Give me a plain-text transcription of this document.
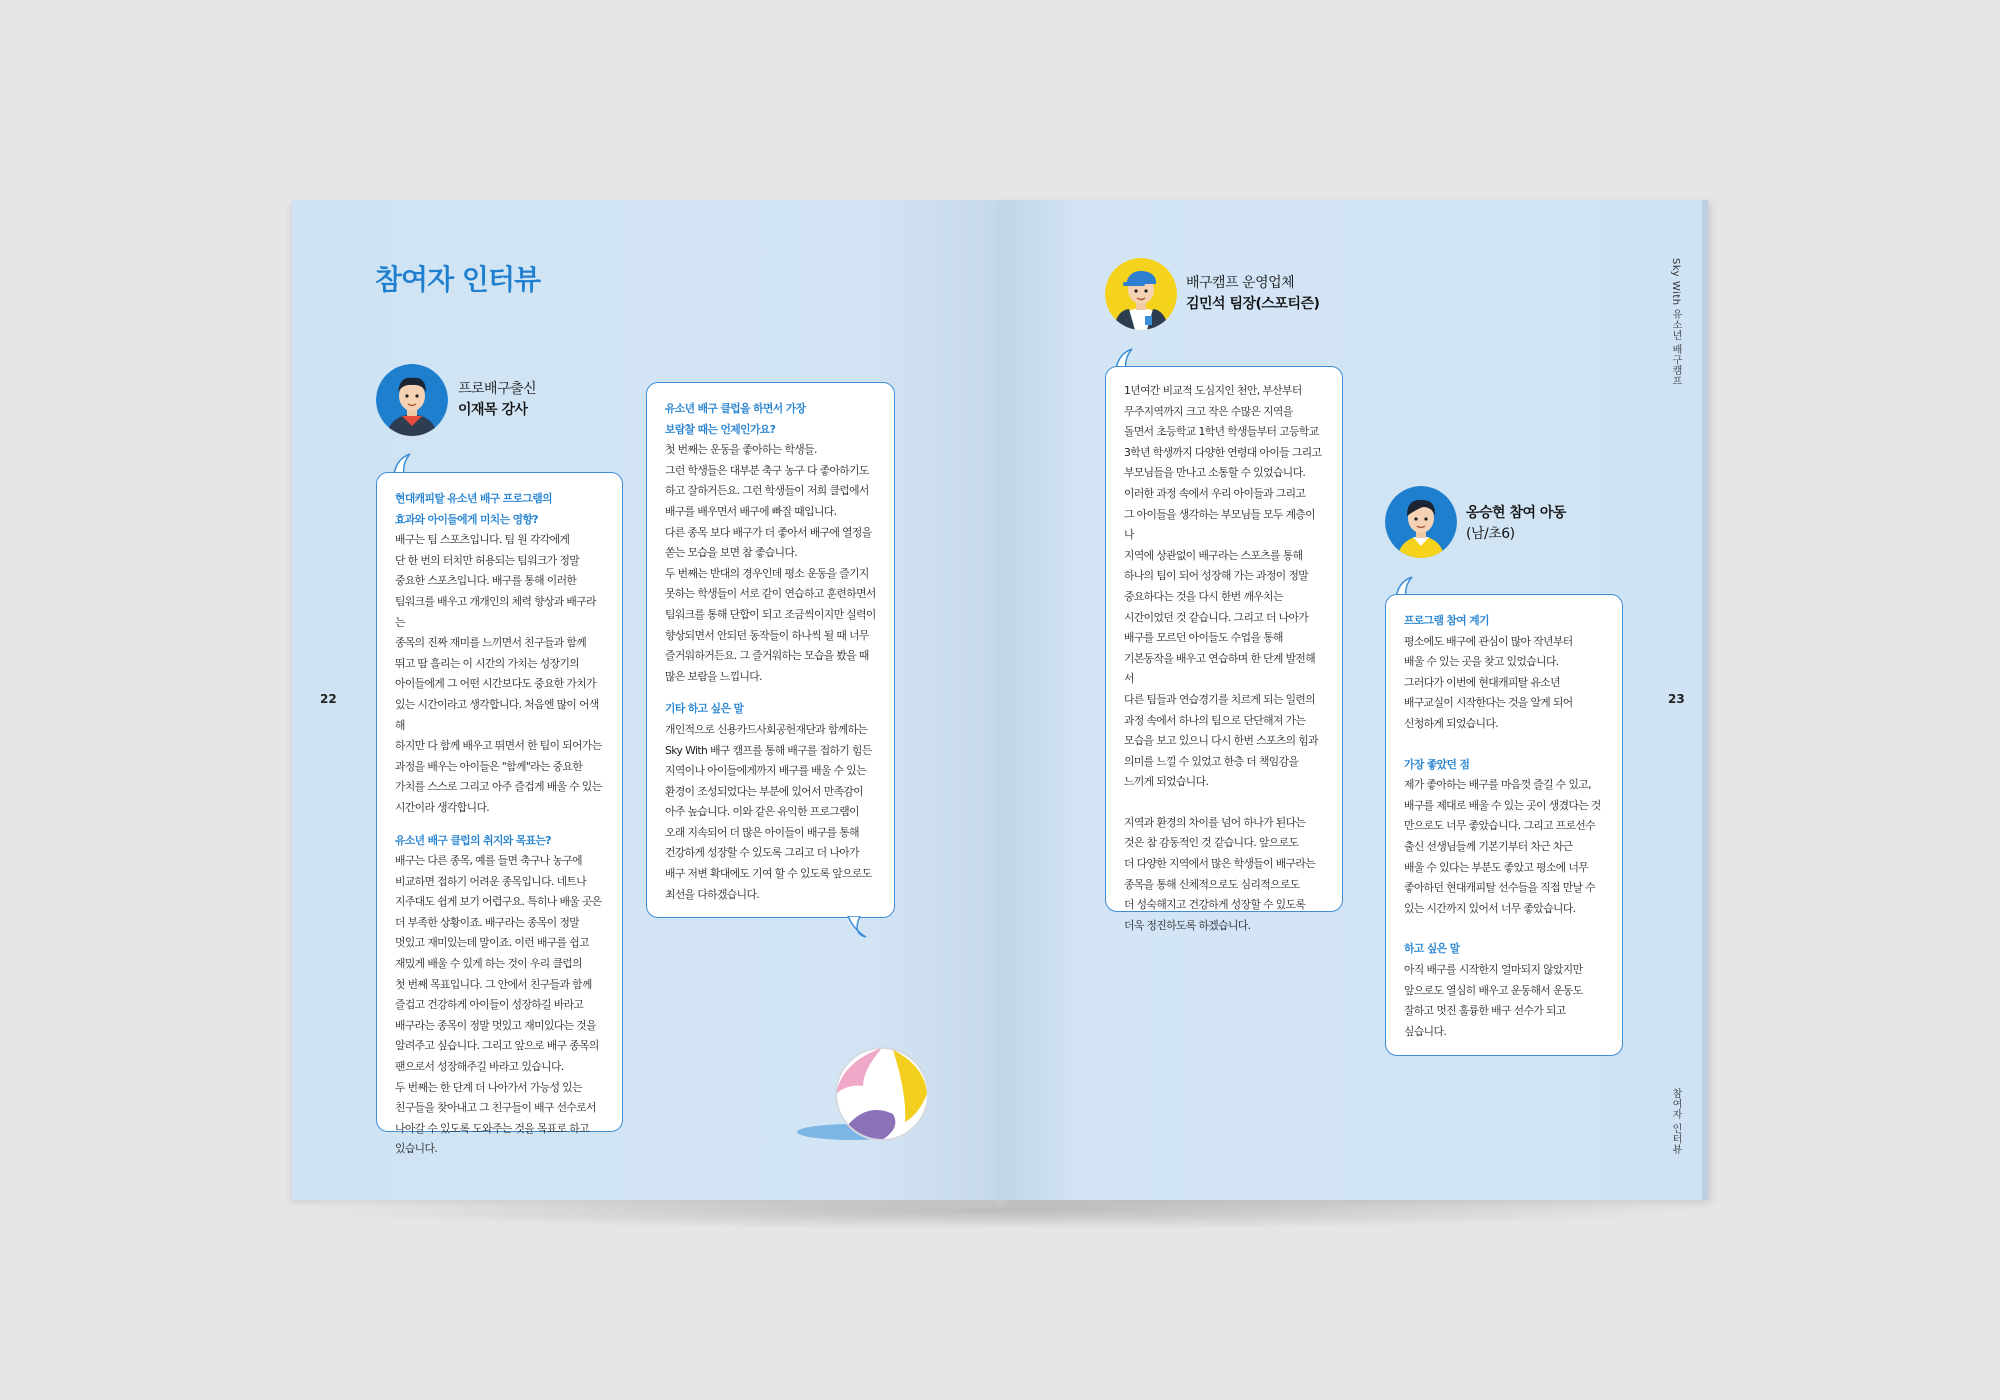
참여자 인터뷰
22
프로배구출신
이재목 강사
현대캐피탈 유소년 배구 프로그램의
효과와 아이들에게 미치는 영향?
배구는 팀 스포츠입니다. 팀 원 각각에게
단 한 번의 터치만 허용되는 팀워크가 정말
중요한 스포츠입니다. 배구를 통해 이러한
팀워크를 배우고 개개인의 체력 향상과 배구라는
종목의 진짜 재미를 느끼면서 친구들과 함께
뛰고 땀 흘리는 이 시간의 가치는 성장기의
아이들에게 그 어떤 시간보다도 중요한 가치가
있는 시간이라고 생각합니다. 처음엔 많이 어색해
하지만 다 함께 배우고 뛰면서 한 팀이 되어가는
과정을 배우는 아이들은 "함께"라는 중요한
가치를 스스로 그리고 아주 즐겁게 배울 수 있는
시간이라 생각합니다.
유소년 배구 클럽의 취지와 목표는?
배구는 다른 종목, 예를 들면 축구나 농구에
비교하면 접하기 어려운 종목입니다. 네트나
지주대도 쉽게 보기 어렵구요. 특히나 배울 곳은
더 부족한 상황이죠. 배구라는 종목이 정말
멋있고 재미있는데 말이죠. 이런 배구를 쉽고
재밌게 배울 수 있게 하는 것이 우리 클럽의
첫 번째 목표입니다. 그 안에서 친구들과 함께
즐겁고 건강하게 아이들이 성장하길 바라고
배구라는 종목이 정말 멋있고 재미있다는 것을
알려주고 싶습니다. 그리고 앞으로 배구 종목의
팬으로서 성장해주길 바라고 있습니다.
두 번째는 한 단계 더 나아가서 가능성 있는
친구들을 찾아내고 그 친구들이 배구 선수로서
나아갈 수 있도록 도와주는 것을 목표로 하고
있습니다.
유소년 배구 클럽을 하면서 가장
보람찰 때는 언제인가요?
첫 번째는 운동을 좋아하는 학생들.
그런 학생들은 대부분 축구 농구 다 좋아하기도
하고 잘하거든요. 그런 학생들이 저희 클럽에서
배구를 배우면서 배구에 빠질 때입니다.
다른 종목 보다 배구가 더 좋아서 배구에 열정을
쏟는 모습을 보면 참 좋습니다.
두 번째는 반대의 경우인데 평소 운동을 즐기지
못하는 학생들이 서로 같이 연습하고 훈련하면서
팀워크를 통해 단합이 되고 조금씩이지만 실력이
향상되면서 안되던 동작들이 하나씩 될 때 너무
즐거워하거든요. 그 즐거워하는 모습을 봤을 때
많은 보람을 느낍니다.
기타 하고 싶은 말
개인적으로 신용카드사회공헌재단과 함께하는
Sky With 배구 캠프를 통해 배구를 접하기 힘든
지역이나 아이들에게까지 배구를 배울 수 있는
환경이 조성되었다는 부분에 있어서 만족감이
아주 높습니다. 이와 같은 유익한 프로그램이
오래 지속되어 더 많은 아이들이 배구를 통해
건강하게 성장할 수 있도록 그리고 더 나아가
배구 저변 확대에도 기여 할 수 있도록 앞으로도
최선을 다하겠습니다.
Sky With 유소년 배구캠프
참여자 인터뷰
23
배구캠프 운영업체
김민석 팀장(스포티즌)
1년여간 비교적 도심지인 천안, 부산부터
무주지역까지 크고 작은 수많은 지역을
돌면서 초등학교 1학년 학생들부터 고등학교
3학년 학생까지 다양한 연령대 아이들 그리고
부모님들을 만나고 소통할 수 있었습니다.
이러한 과정 속에서 우리 아이들과 그리고
그 아이들을 생각하는 부모님들 모두 계층이나
지역에 상관없이 배구라는 스포츠를 통해
하나의 팀이 되어 성장해 가는 과정이 정말
중요하다는 것을 다시 한번 깨우치는
시간이었던 것 같습니다. 그리고 더 나아가
배구를 모르던 아이들도 수업을 통해
기본동작을 배우고 연습하며 한 단계 발전해서
다른 팀들과 연습경기를 치르게 되는 일련의
과정 속에서 하나의 팀으로 단단해져 가는
모습을 보고 있으니 다시 한번 스포츠의 힘과
의미를 느낄 수 있었고 한층 더 책임감을
느끼게 되었습니다.
지역과 환경의 차이를 넘어 하나가 된다는
것은 참 감동적인 것 같습니다. 앞으로도
더 다양한 지역에서 많은 학생들이 배구라는
종목을 통해 신체적으로도 심리적으로도
더 성숙해지고 건강하게 성장할 수 있도록
더욱 정진하도록 하겠습니다.
옹승현 참여 아동
(남/초6)
프로그램 참여 계기
평소에도 배구에 관심이 많아 작년부터
배울 수 있는 곳을 찾고 있었습니다.
그러다가 이번에 현대캐피탈 유소년
배구교실이 시작한다는 것을 알게 되어
신청하게 되었습니다.
가장 좋았던 점
제가 좋아하는 배구를 마음껏 즐길 수 있고,
배구를 제대로 배울 수 있는 곳이 생겼다는 것
만으로도 너무 좋았습니다. 그리고 프로선수
출신 선생님들께 기본기부터 차근 차근
배울 수 있다는 부분도 좋았고 평소에 너무
좋아하던 현대캐피탈 선수들을 직접 만날 수
있는 시간까지 있어서 너무 좋았습니다.
하고 싶은 말
아직 배구를 시작한지 얼마되지 않았지만
앞으로도 열심히 배우고 운동해서 운동도
잘하고 멋진 훌륭한 배구 선수가 되고
싶습니다.
